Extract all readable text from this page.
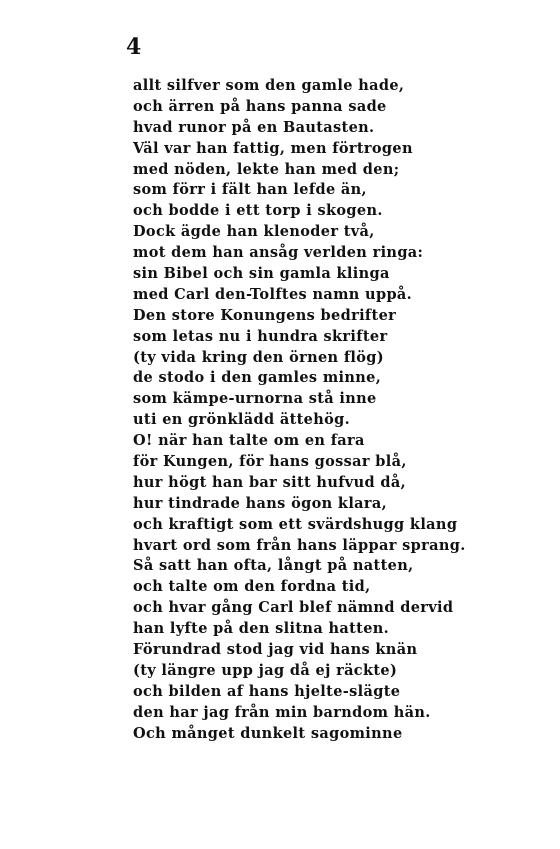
4
allt silfver som den gamle hade,
och ärren på hans panna sade
hvad runor på en Bautasten.
Väl var han fattig, men förtrogen
med nöden, lekte han med den;
som förr i fält han lefde än,
och bodde i ett torp i skogen.
Dock ägde han klenoder två,
mot dem han ansåg verlden ringa:
sin Bibel och sin gamla klinga
med Carl den-Tolftes namn uppå.
Den store Konungens bedrifter
som letas nu i hundra skrifter
(ty vida kring den örnen flög)
de stodo i den gamles minne,
som kämpe-urnorna stå inne
uti en grönklädd ättehög.
O! när han talte om en fara
för Kungen, för hans gossar blå,
hur högt han bar sitt hufvud då,
hur tindrade hans ögon klara,
och kraftigt som ett svärdshugg klang
hvart ord som från hans läppar sprang.
Så satt han ofta, långt på natten,
och talte om den fordna tid,
och hvar gång Carl blef nämnd dervid
han lyfte på den slitna hatten.
Förundrad stod jag vid hans knän
(ty längre upp jag då ej räckte)
och bilden af hans hjelte-slägte
den har jag från min barndom hän.
Och månget dunkelt sagominne
